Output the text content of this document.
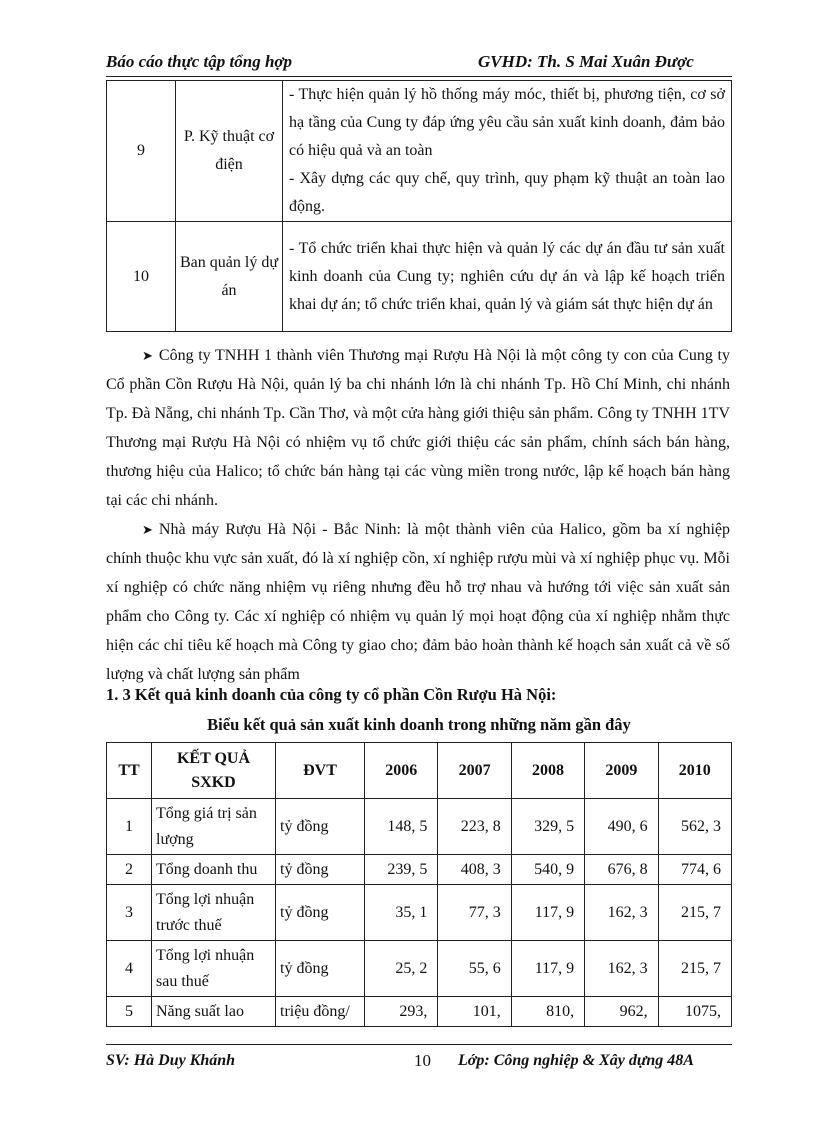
Báo cáo thực tập tổng hợp	GVHD: Th. S Mai Xuân Được
9	P. Kỹ thuật cơ điện	- Thực hiện quản lý hồ thống máy móc, thiết bị, phương tiện, cơ sở hạ tầng của Cung ty đáp ứng yêu cầu sản xuất kinh doanh, đảm bảo có hiệu quả và an toàn
- Xây dựng các quy chế, quy trình, quy phạm kỹ thuật an toàn lao động.

10	Ban quản lý dự án	- Tổ chức triển khai thực hiện và quản lý các dự án đầu tư sản xuất kinh doanh của Cung ty; nghiên cứu dự án và lập kế hoạch triển khai dự án; tổ chức triển khai, quản lý và giám sát thực hiện dự án

➤ Công ty TNHH 1 thành viên Thương mại Rượu Hà Nội là một công ty con của Cung ty Cổ phần Cồn Rượu Hà Nội, quản lý ba chi nhánh lớn là chi nhánh Tp. Hồ Chí Minh, chi nhánh Tp. Đà Nẵng, chi nhánh Tp. Cần Thơ, và một cửa hàng giới thiệu sản phẩm. Công ty TNHH 1TV Thương mại Rượu Hà Nội có nhiệm vụ tổ chức giới thiệu các sản phẩm, chính sách bán hàng, thương hiệu của Halico; tổ chức bán hàng tại các vùng miền trong nước, lập kế hoạch bán hàng tại các chi nhánh.

➤ Nhà máy Rượu Hà Nội - Bắc Ninh: là một thành viên của Halico, gồm ba xí nghiệp chính thuộc khu vực sản xuất, đó là xí nghiệp cồn, xí nghiệp rượu mùi và xí nghiệp phục vụ. Mỗi xí nghiệp có chức năng nhiệm vụ riêng nhưng đều hỗ trợ nhau và hướng tới việc sản xuất sản phẩm cho Công ty. Các xí nghiệp có nhiệm vụ quản lý mọi hoạt động của xí nghiệp nhằm thực hiện các chỉ tiêu kế hoạch mà Công ty giao cho; đảm bảo hoàn thành kế hoạch sản xuất cả về số lượng và chất lượng sản phẩm

1. 3 Kết quả kinh doanh của công ty cổ phần Cồn Rượu Hà Nội:
Biểu kết quả sản xuất kinh doanh trong những năm gần đây
TT	KẾT QUẢ SXKD	ĐVT	2006	2007	2008	2009	2010
1	Tổng giá trị sản lượng	tỷ đồng	148, 5	223, 8	329, 5	490, 6	562, 3
2	Tổng doanh thu	tỷ đồng	239, 5	408, 3	540, 9	676, 8	774, 6
3	Tổng lợi nhuận trước thuế	tỷ đồng	35, 1	77, 3	117, 9	162, 3	215, 7
4	Tổng lợi nhuận sau thuế	tỷ đồng	25, 2	55, 6	117, 9	162, 3	215, 7
5	Năng suất lao	triệu đồng/	293,	101,	810,	962,	1075,
SV: Hà Duy Khánh	10 Lớp: Công nghiệp & Xây dựng 48A
